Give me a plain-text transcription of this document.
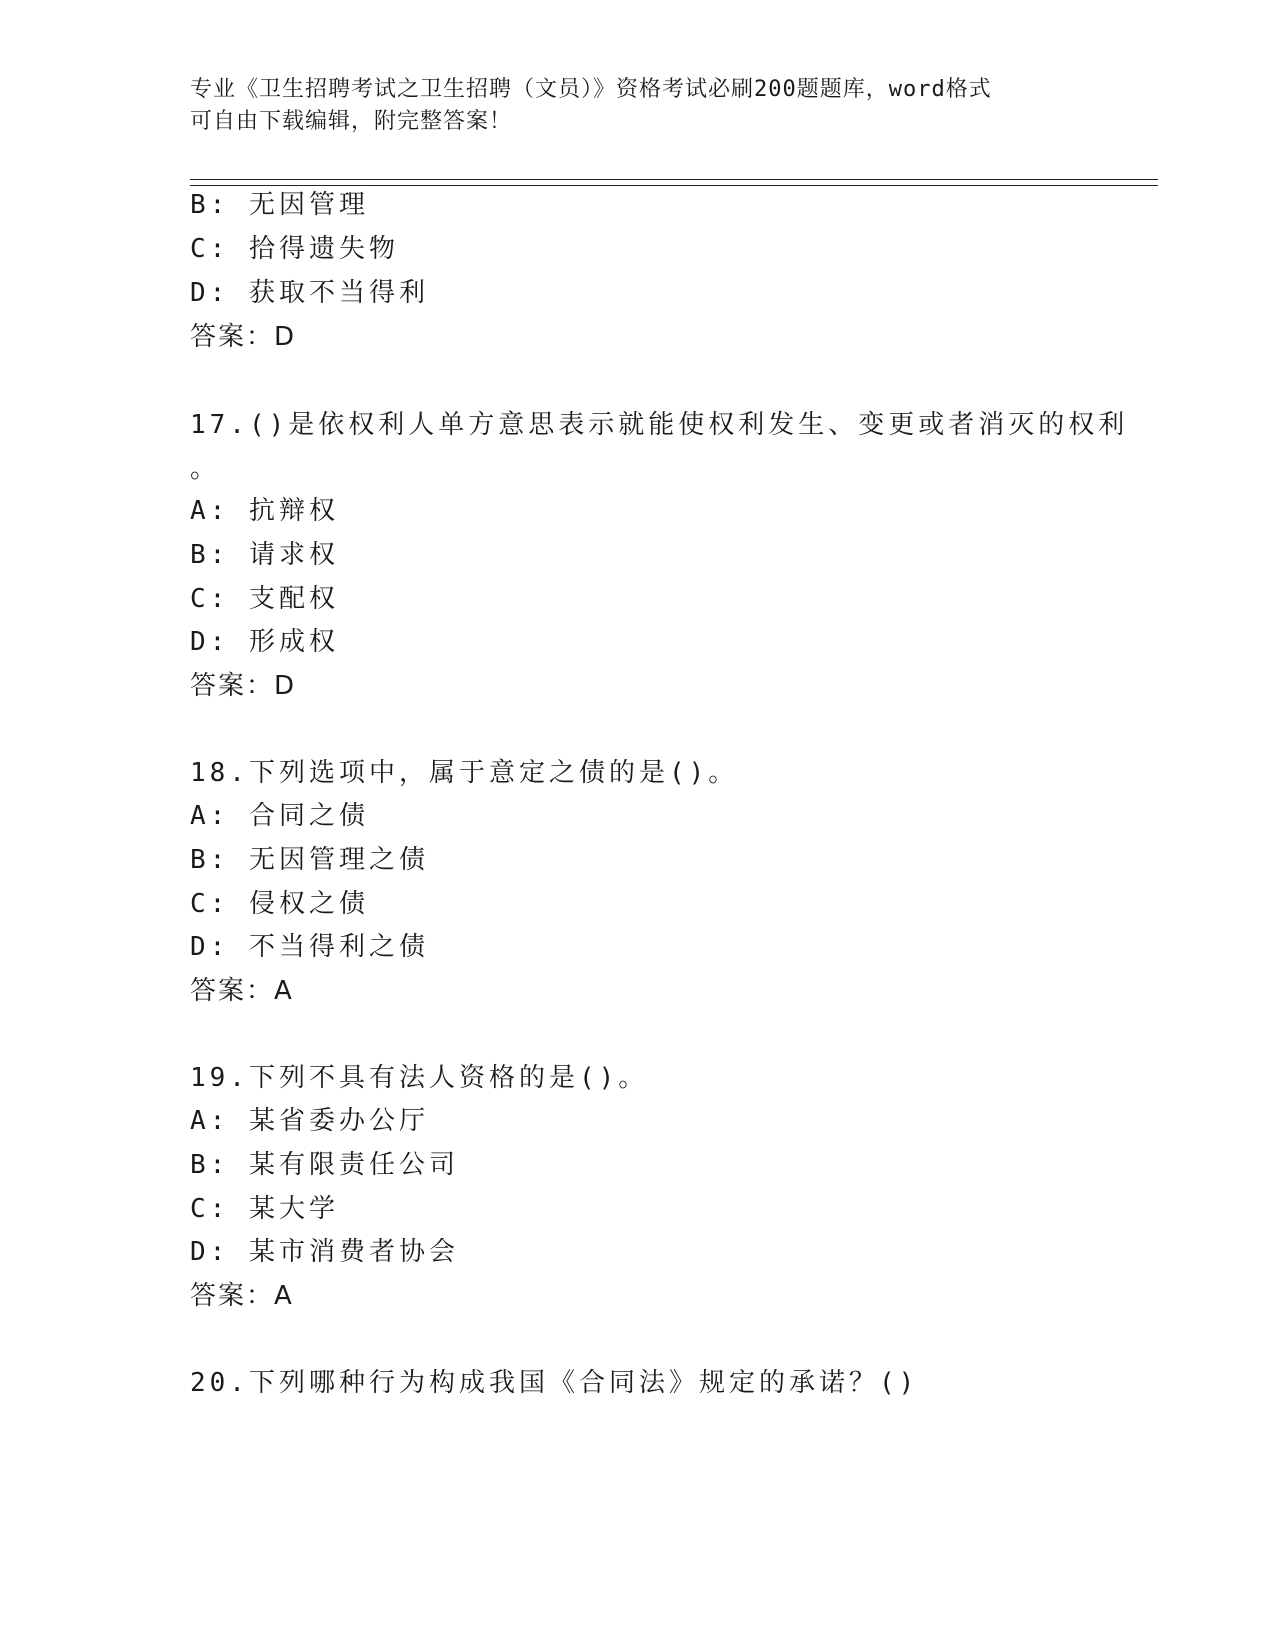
专业《卫生招聘考试之卫生招聘（文员）》资格考试必刷200题题库，word格式
可自由下载编辑，附完整答案！
B: 无因管理
C: 拾得遗失物
D: 获取不当得利
答案：D
17.()是依权利人单方意思表示就能使权利发生、变更或者消灭的权利
。
A: 抗辩权
B: 请求权
C: 支配权
D: 形成权
答案：D
18.下列选项中，属于意定之债的是()。
A: 合同之债
B: 无因管理之债
C: 侵权之债
D: 不当得利之债
答案：A
19.下列不具有法人资格的是()。
A: 某省委办公厅
B: 某有限责任公司
C: 某大学
D: 某市消费者协会
答案：A
20.下列哪种行为构成我国《合同法》规定的承诺？()
